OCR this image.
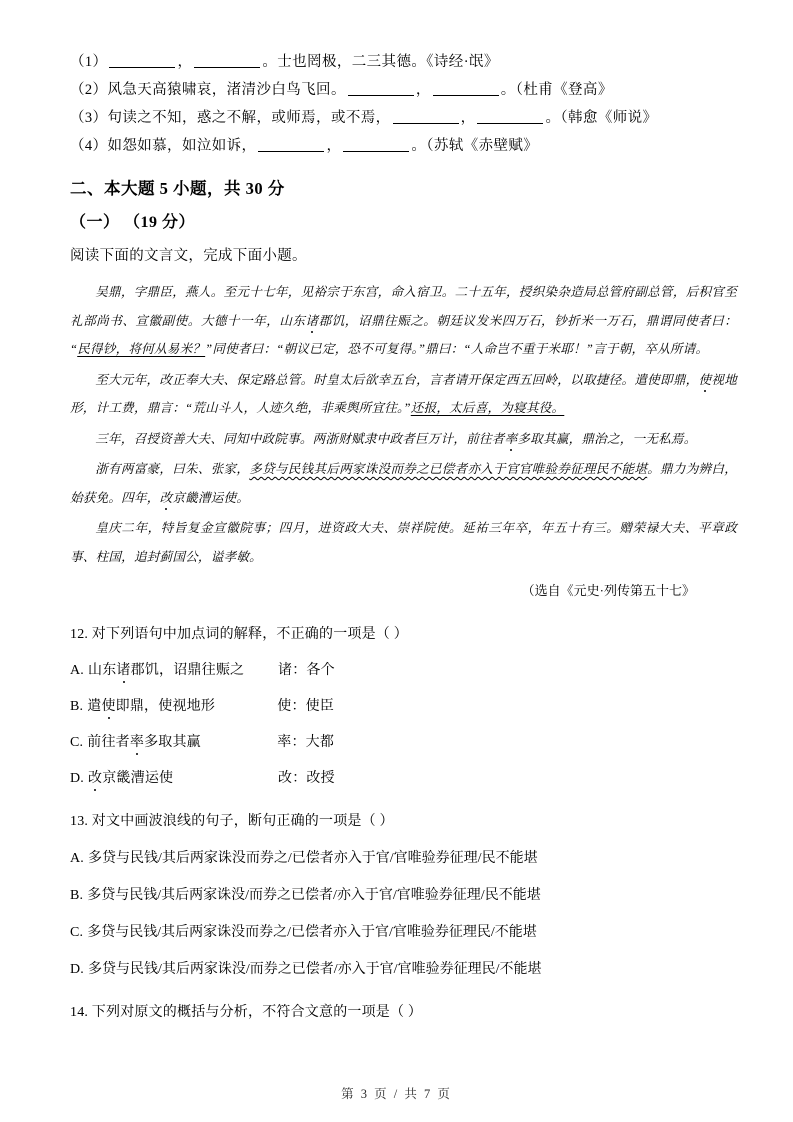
（1）	，	。士也罔极，二三其德。《诗经·氓》
（2）风急天高猿啸哀，渚清沙白鸟飞回。	，	。（杜甫《登高》
（3）句读之不知，惑之不解，或师焉，或不焉，	，	。（韩愈《师说》
（4）如怨如慕，如泣如诉，	，	。（苏轼《赤壁赋》
二、本大题 5 小题，共 30 分
（一） （19 分）
阅读下面的文言文，完成下面小题。

吴鼎，字鼎臣，燕人。至元十七年，见裕宗于东宫，命入宿卫。二十五年，授织染杂造局总管府副总管，后积官至礼部尚书、宣徽副使。大德十一年，山东诸郡饥，诏鼎往赈之。朝廷议发米四万石，钞折米一万石，鼎谓同使者曰：“民得钞，将何从易米？”同使者曰：“朝议已定，恐不可复得。”鼎曰：“人命岂不重于米耶！”言于朝，卒从所请。

至大元年，改正奉大夫、保定路总管。时皇太后欲幸五台，言者请开保定西五回岭，以取捷径。遣使即鼎，使视地形，计工费，鼎言：“荒山斗人，人迹久绝，非乘舆所宜往。”还报，太后喜，为寝其役。

三年，召授资善大夫、同知中政院事。两浙财赋隶中政者巨万计，前往者率多取其赢，鼎治之，一无私焉。

浙有两富豪，曰朱、张家，多贷与民钱其后两家诛没而券之已偿者亦入于官官唯验券征理民不能堪。鼎力为辨白，始获免。四年，改京畿漕运使。

皇庆二年，特旨复金宣徽院事；四月，进资政大夫、崇祥院使。延祐三年卒，年五十有三。赠荣禄大夫、平章政事、柱国，追封蓟国公，谥孝敏。

（选自《元史·列传第五十七》
12. 对下列语句中加点词的解释，不正确的一项是（ ）
A. 山东诸郡饥，诏鼎往赈之 诸：各个
B. 遣使即鼎，使视地形	使：使臣
C. 前往者率多取其赢	率：大都
D. 改京畿漕运使	改：改授
13. 对文中画波浪线的句子，断句正确的一项是（ ）
A. 多贷与民钱/其后两家诛没而券之/已偿者亦入于官/官唯验券征理/民不能堪
B. 多贷与民钱/其后两家诛没/而券之已偿者/亦入于官/官唯验券征理/民不能堪
C. 多贷与民钱/其后两家诛没而券之/已偿者亦入于官/官唯验券征理民/不能堪
D. 多贷与民钱/其后两家诛没/而券之已偿者/亦入于官/官唯验券征理民/不能堪
14. 下列对原文的概括与分析，不符合文意的一项是（ ）
第 3 页 / 共 7 页
